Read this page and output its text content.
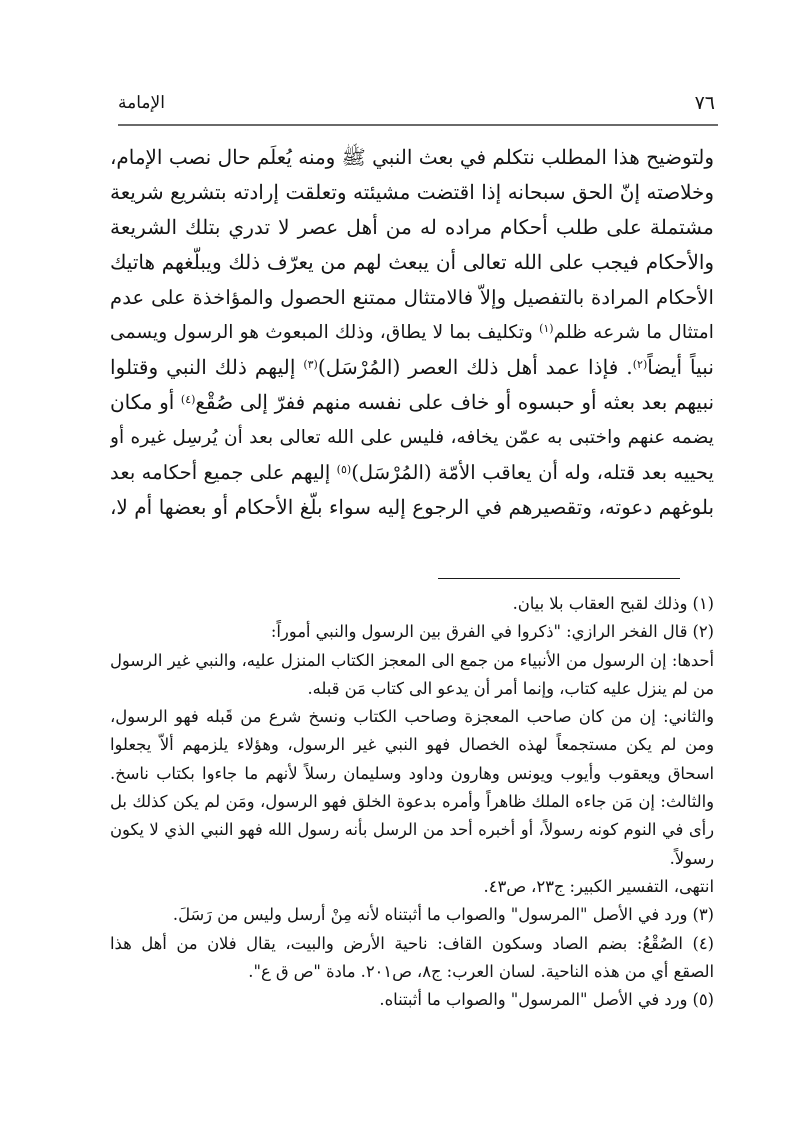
الإمامة	٧٦
ولتوضيح هذا المطلب نتكلم في بعث النبي ﷺ ومنه يُعلَم حال نصب الإمام،
وخلاصته إنّ الحق سبحانه إذا اقتضت مشيئته وتعلقت إرادته بتشريع شريعة
مشتملة على طلب أحكام مراده له من أهل عصر لا تدري بتلك الشريعة
والأحكام فيجب على الله تعالى أن يبعث لهم من يعرّف ذلك ويبلّغهم هاتيك
الأحكام المرادة بالتفصيل وإلاّ فالامتثال ممتنع الحصول والمؤاخذة على عدم
امتثال ما شرعه ظلم$^{(١)}$ وتكليف بما لا يطاق، وذلك المبعوث هو الرسول ويسمى
نبياً أيضاً$^{(٢)}$. فإذا عمد أهل ذلك العصر (المُرْسَل)$^{(٣)}$ إليهم ذلك النبي وقتلوا
نبيهم بعد بعثه أو حبسوه أو خاف على نفسه منهم ففرّ إلى صُقْع$^{(٤)}$ أو مكان
يضمه عنهم واختبى به عمّن يخافه، فليس على الله تعالى بعد أن يُرسِل غيره أو
يحييه بعد قتله، وله أن يعاقب الأمّة (المُرْسَل)$^{(٥)}$ إليهم على جميع أحكامه بعد
بلوغهم دعوته، وتقصيرهم في الرجوع إليه سواء بلّغ الأحكام أو بعضها أم لا،
(١) وذلك لقبح العقاب بلا بيان.
(٢) قال الفخر الرازي: "ذكروا في الفرق بين الرسول والنبي أموراً:
أحدها: إن الرسول من الأنبياء من جمع الى المعجز الكتاب المنزل عليه، والنبي غير الرسول
من لم ينزل عليه كتاب، وإنما أمر أن يدعو الى كتاب مَن قبله.
والثاني: إن من كان صاحب المعجزة وصاحب الكتاب ونسخ شرع من قَبله فهو الرسول،
ومن لم يكن مستجمعاً لهذه الخصال فهو النبي غير الرسول، وهؤلاء يلزمهم ألاّ يجعلوا
اسحاق ويعقوب وأيوب ويونس وهارون وداود وسليمان رسلاً لأنهم ما جاءوا بكتاب ناسخ.
والثالث: إن مَن جاءه الملك ظاهراً وأمره بدعوة الخلق فهو الرسول، ومَن لم يكن كذلك بل
رأى في النوم كونه رسولاً، أو أخبره أحد من الرسل بأنه رسول الله فهو النبي الذي لا يكون
رسولاً.
انتهى، التفسير الكبير: ج٢٣، ص٤٣.
(٣) ورد في الأصل "المرسول" والصواب ما أثبتناه لأنه مِنْ أرسل وليس من رَسَلَ.
(٤) الصُقْعُ: بضم الصاد وسكون القاف: ناحية الأرض والبيت، يقال فلان من أهل هذا
الصقع أي من هذه الناحية. لسان العرب: ج٨، ص٢٠١. مادة "ص ق ع".
(٥) ورد في الأصل "المرسول" والصواب ما أثبتناه.
